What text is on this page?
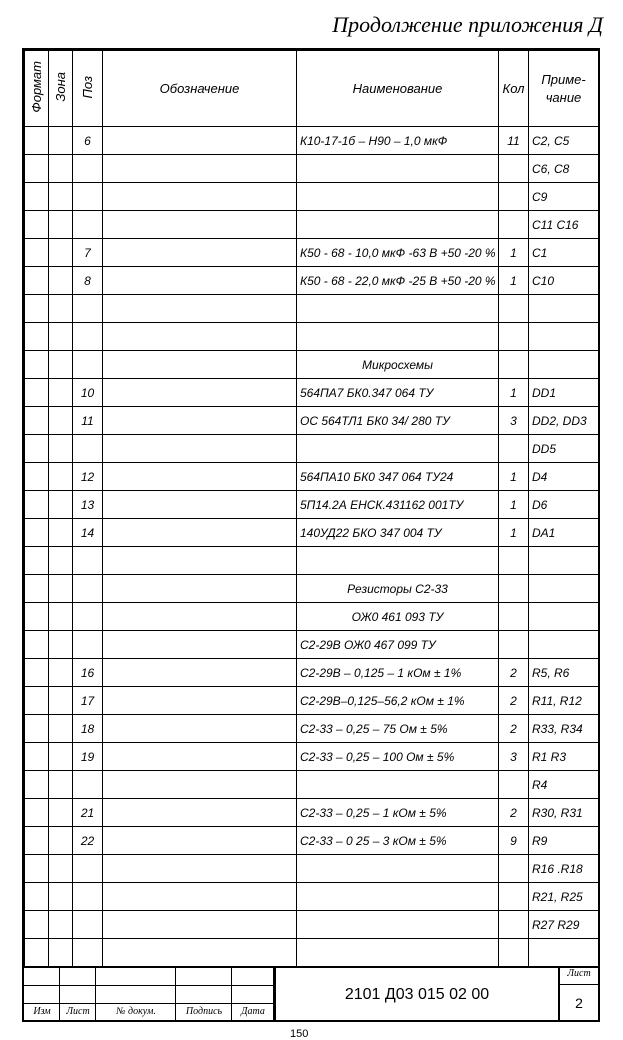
Продолжение приложения Д
Формат	Зона	Поз	Обозначение	Наименование	Кол	Приме-
чание
		6		К10-17-1б – Н90 – 1,0 мкФ	11	С2, С5
						С6, С8
						С9
						С11 С16
		7		К50 - 68 - 10,0 мкФ -63 В +50 -20 %	1	С1
		8		К50 - 68 - 22,0 мкФ -25 В +50 -20 %	1	С10

				Микросхемы		
		10		564ПА7 БК0.347 064 ТУ	1	DD1
		11		ОС 564ТЛ1 БК0 34/ 280 ТУ	3	DD2, DD3
						DD5
		12		564ПА10 БК0 347 064 ТУ24	1	D4
		13		5П14.2А ЕНСК.431162 001ТУ	1	D6
		14		140УД22 БКО 347 004 ТУ	1	DA1

				Резисторы С2-33		
				ОЖ0 461 093 ТУ		
				С2-29В ОЖ0 467 099 ТУ		
		16		С2-29В – 0,125 – 1 кОм ± 1%	2	R5, R6
		17		С2-29В–0,125–56,2 кОм ± 1%	2	R11, R12
		18		С2-33 – 0,25 – 75 Ом ± 5%	2	R33, R34
		19		С2-33 – 0,25 – 100 Ом ± 5%	3	R1 R3
						R4
		21		С2-33 – 0,25 – 1 кОм ± 5%	2	R30, R31
		22		С2-33 – 0 25 – 3 кОм ± 5%	9	R9
						R16 .R18
						R21, R25
						R27 R29

Изм	Лист	№ докум.	Подпись	Дата
2101 Д03 015 02 00
Лист
2
150
